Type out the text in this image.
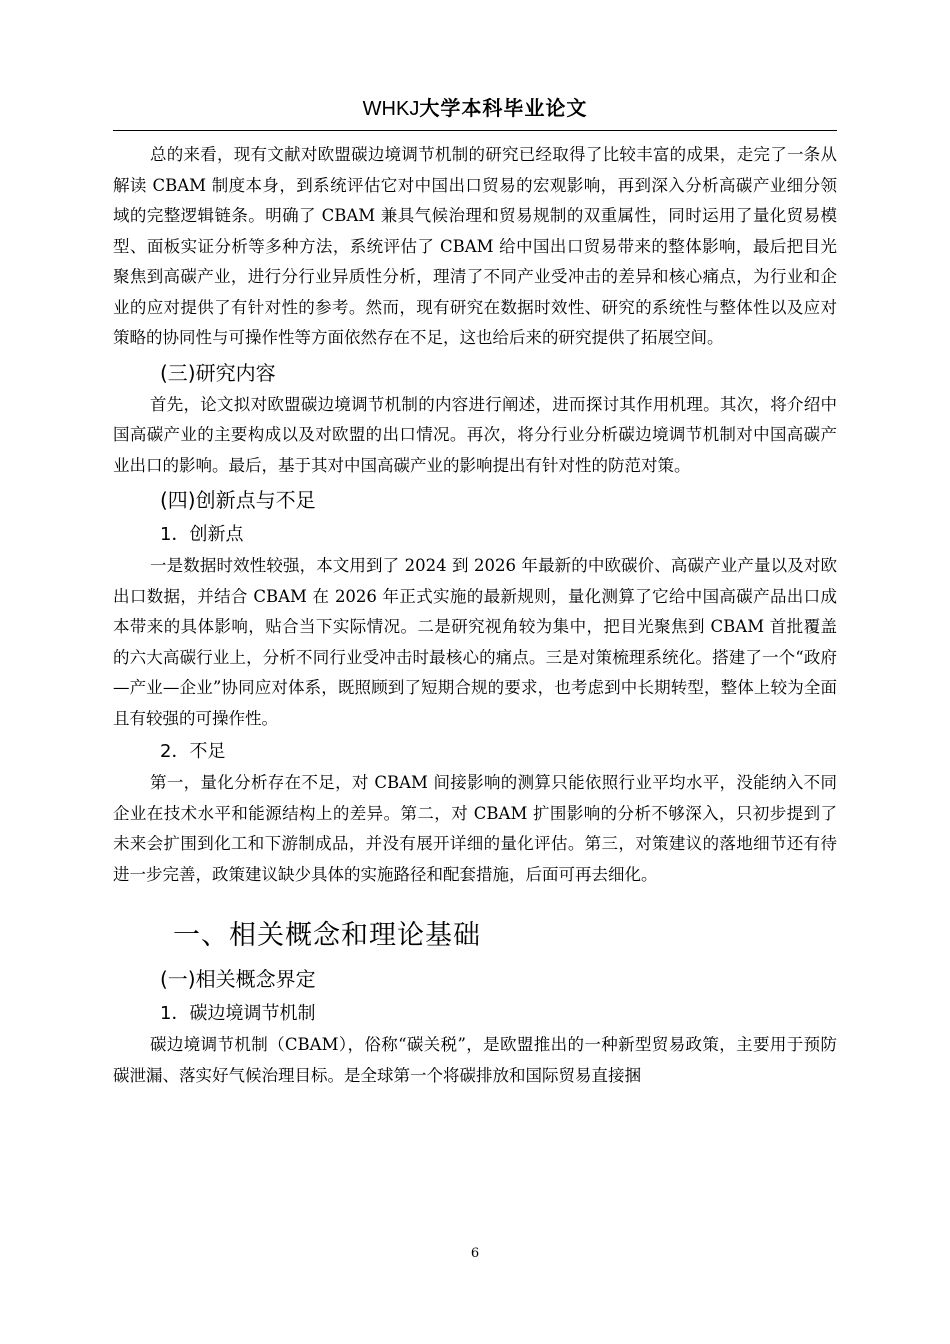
WHKJ大学本科毕业论文

总的来看，现有文献对欧盟碳边境调节机制的研究已经取得了比较丰富的成果，走完了一条从解读 CBAM 制度本身，到系统评估它对中国出口贸易的宏观影响，再到深入分析高碳产业细分领域的完整逻辑链条。明确了 CBAM 兼具气候治理和贸易规制的双重属性，同时运用了量化贸易模型、面板实证分析等多种方法，系统评估了 CBAM 给中国出口贸易带来的整体影响，最后把目光聚焦到高碳产业，进行分行业异质性分析，理清了不同产业受冲击的差异和核心痛点，为行业和企业的应对提供了有针对性的参考。然而，现有研究在数据时效性、研究的系统性与整体性以及应对策略的协同性与可操作性等方面依然存在不足，这也给后来的研究提供了拓展空间。

(三)研究内容

首先，论文拟对欧盟碳边境调节机制的内容进行阐述，进而探讨其作用机理。其次，将介绍中国高碳产业的主要构成以及对欧盟的出口情况。再次，将分行业分析碳边境调节机制对中国高碳产业出口的影响。最后，基于其对中国高碳产业的影响提出有针对性的防范对策。

(四)创新点与不足
1．创新点

一是数据时效性较强，本文用到了 2024 到 2026 年最新的中欧碳价、高碳产业产量以及对欧出口数据，并结合 CBAM 在 2026 年正式实施的最新规则，量化测算了它给中国高碳产品出口成本带来的具体影响，贴合当下实际情况。二是研究视角较为集中，把目光聚焦到 CBAM 首批覆盖的六大高碳行业上，分析不同行业受冲击时最核心的痛点。三是对策梳理系统化。搭建了一个“政府—产业—企业”协同应对体系，既照顾到了短期合规的要求，也考虑到中长期转型，整体上较为全面且有较强的可操作性。

2．不足

第一，量化分析存在不足，对 CBAM 间接影响的测算只能依照行业平均水平，没能纳入不同企业在技术水平和能源结构上的差异。第二，对 CBAM 扩围影响的分析不够深入，只初步提到了未来会扩围到化工和下游制成品，并没有展开详细的量化评估。第三，对策建议的落地细节还有待进一步完善，政策建议缺少具体的实施路径和配套措施，后面可再去细化。

一、相关概念和理论基础
(一)相关概念界定
1．碳边境调节机制

碳边境调节机制（CBAM），俗称“碳关税”，是欧盟推出的一种新型贸易政策，主要用于预防碳泄漏、落实好气候治理目标。是全球第一个将碳排放和国际贸易直接捆

6
